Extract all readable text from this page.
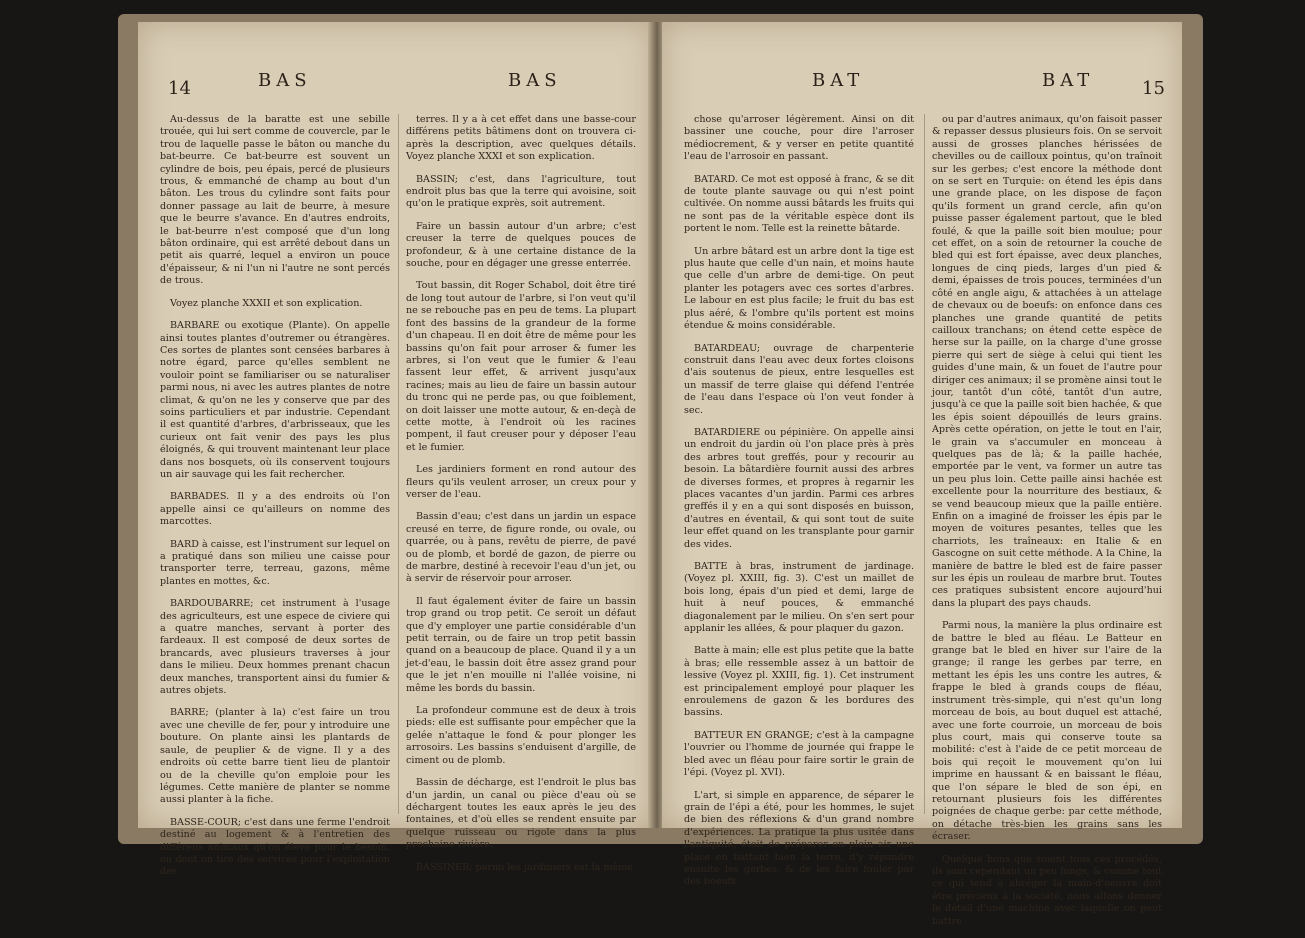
14	BAS	BAS

Au-dessus de la baratte est une sebille trouée, qui lui sert comme de couvercle, par le trou de laquelle passe le bâton ou manche du bat-beurre. Ce bat-beurre est souvent un cylindre de bois, peu épais, percé de plusieurs trous, & emmanché de champ au bout d'un bâton. Les trous du cylindre sont faits pour donner passage au lait de beurre, à mesure que le beurre s'avance. En d'autres endroits, le bat-beurre n'est composé que d'un long bâton ordinaire, qui est arrêté debout dans un petit ais quarré, lequel a environ un pouce d'épaisseur, & ni l'un ni l'autre ne sont percés de trous.

Voyez planche XXXII et son explication.

BARBARE ou exotique (Plante). On appelle ainsi toutes plantes d'outremer ou étrangères. Ces sortes de plantes sont censées barbares à notre égard, parce qu'elles semblent ne vouloir point se familiariser ou se naturaliser parmi nous, ni avec les autres plantes de notre climat, & qu'on ne les y conserve que par des soins particuliers et par industrie. Cependant il est quantité d'arbres, d'arbrisseaux, que les curieux ont fait venir des pays les plus éloignés, & qui trouvent maintenant leur place dans nos bosquets, où ils conservent toujours un air sauvage qui les fait rechercher.

BARBADES. Il y a des endroits où l'on appelle ainsi ce qu'ailleurs on nomme des marcottes.

BARD à caisse, est l'instrument sur lequel on a pratiqué dans son milieu une caisse pour transporter terre, terreau, gazons, même plantes en mottes, &c.

BARDOUBARRE; cet instrument à l'usage des agriculteurs, est une espece de civiere qui a quatre manches, servant à porter des fardeaux. Il est composé de deux sortes de brancards, avec plusieurs traverses à jour dans le milieu. Deux hommes prenant chacun deux manches, transportent ainsi du fumier & autres objets.

BARRE; (planter à la) c'est faire un trou avec une cheville de fer, pour y introduire une bouture. On plante ainsi les plantards de saule, de peuplier & de vigne. Il y a des endroits où cette barre tient lieu de plantoir ou de la cheville qu'on emploie pour les légumes. Cette manière de planter se nomme aussi planter à la fiche.

BASSE-COUR; c'est dans une ferme l'endroit destiné au logement & à l'entretien des différens animaux qu'on éleve pour le besoin, ou dont on tire des services pour l'exploitation des

terres. Il y a à cet effet dans une basse-cour différens petits bâtimens dont on trouvera ci-après la description, avec quelques détails. Voyez planche XXXI et son explication.

BASSIN; c'est, dans l'agriculture, tout endroit plus bas que la terre qui avoisine, soit qu'on le pratique exprès, soit autrement.

Faire un bassin autour d'un arbre; c'est creuser la terre de quelques pouces de profondeur, & à une certaine distance de la souche, pour en dégager une gresse enterrée.

Tout bassin, dit Roger Schabol, doit être tiré de long tout autour de l'arbre, si l'on veut qu'il ne se rebouche pas en peu de tems. La plupart font des bassins de la grandeur de la forme d'un chapeau. Il en doit être de même pour les bassins qu'on fait pour arroser & fumer les arbres, si l'on veut que le fumier & l'eau fassent leur effet, & arrivent jusqu'aux racines; mais au lieu de faire un bassin autour du tronc qui ne perde pas, ou que foiblement, on doit laisser une motte autour, & en-deçà de cette motte, à l'endroit où les racines pompent, il faut creuser pour y déposer l'eau et le fumier.

Les jardiniers forment en rond autour des fleurs qu'ils veulent arroser, un creux pour y verser de l'eau.

Bassin d'eau; c'est dans un jardin un espace creusé en terre, de figure ronde, ou ovale, ou quarrée, ou à pans, revêtu de pierre, de pavé ou de plomb, et bordé de gazon, de pierre ou de marbre, destiné à recevoir l'eau d'un jet, ou à servir de réservoir pour arroser.

Il faut également éviter de faire un bassin trop grand ou trop petit. Ce seroit un défaut que d'y employer une partie considérable d'un petit terrain, ou de faire un trop petit bassin quand on a beaucoup de place. Quand il y a un jet-d'eau, le bassin doit être assez grand pour que le jet n'en mouille ni l'allée voisine, ni même les bords du bassin.

La profondeur commune est de deux à trois pieds: elle est suffisante pour empêcher que la gelée n'attaque le fond & pour plonger les arrosoirs. Les bassins s'enduisent d'argille, de ciment ou de plomb.

Bassin de décharge, est l'endroit le plus bas d'un jardin, un canal ou pièce d'eau où se déchargent toutes les eaux après le jeu des fontaines, et d'où elles se rendent ensuite par quelque ruisseau ou rigole dans la plus prochaine rivière.

BASSINER; parmi les jardiniers est la même

BAT	BAT	15

chose qu'arroser légèrement. Ainsi on dit bassiner une couche, pour dire l'arroser médiocrement, & y verser en petite quantité l'eau de l'arrosoir en passant.

BATARD. Ce mot est opposé à franc, & se dit de toute plante sauvage ou qui n'est point cultivée. On nomme aussi bâtards les fruits qui ne sont pas de la véritable espèce dont ils portent le nom. Telle est la reinette bâtarde.

Un arbre bâtard est un arbre dont la tige est plus haute que celle d'un nain, et moins haute que celle d'un arbre de demi-tige. On peut planter les potagers avec ces sortes d'arbres. Le labour en est plus facile; le fruit du bas est plus aéré, & l'ombre qu'ils portent est moins étendue & moins considérable.

BATARDEAU; ouvrage de charpenterie construit dans l'eau avec deux fortes cloisons d'ais soutenus de pieux, entre lesquelles est un massif de terre glaise qui défend l'entrée de l'eau dans l'espace où l'on veut fonder à sec.

BATARDIERE ou pépinière. On appelle ainsi un endroit du jardin où l'on place près à près des arbres tout greffés, pour y recourir au besoin. La bâtardière fournit aussi des arbres de diverses formes, et propres à regarnir les places vacantes d'un jardin. Parmi ces arbres greffés il y en a qui sont disposés en buisson, d'autres en éventail, & qui sont tout de suite leur effet quand on les transplante pour garnir des vides.

BATTE à bras, instrument de jardinage. (Voyez pl. XXIII, fig. 3). C'est un maillet de bois long, épais d'un pied et demi, large de huit à neuf pouces, & emmanché diagonalement par le milieu. On s'en sert pour applanir les allées, & pour plaquer du gazon.

Batte à main; elle est plus petite que la batte à bras; elle ressemble assez à un battoir de lessive (Voyez pl. XXIII, fig. 1). Cet instrument est principalement employé pour plaquer les enroulemens de gazon & les bordures des bassins.

BATTEUR EN GRANGE; c'est à la campagne l'ouvrier ou l'homme de journée qui frappe le bled avec un fléau pour faire sortir le grain de l'épi. (Voyez pl. XVI).

L'art, si simple en apparence, de séparer le grain de l'épi a été, pour les hommes, le sujet de bien des réflexions & d'un grand nombre d'expériences. La pratique la plus usitée dans l'antiquité, étoit de préparer en plein air une place en battant bien la terre, d'y répandre ensuite les gerbes, & de les faire fouler par des boeufs

ou par d'autres animaux, qu'on faisoit passer & repasser dessus plusieurs fois. On se servoit aussi de grosses planches hérissées de chevilles ou de cailloux pointus, qu'on traînoit sur les gerbes; c'est encore la méthode dont on se sert en Turquie: on étend les épis dans une grande place, on les dispose de façon qu'ils forment un grand cercle, afin qu'on puisse passer également partout, que le bled foulé, & que la paille soit bien moulue; pour cet effet, on a soin de retourner la couche de bled qui est fort épaisse, avec deux planches, longues de cinq pieds, larges d'un pied & demi, épaisses de trois pouces, terminées d'un côté en angle aigu, & attachées à un attelage de chevaux ou de boeufs: on enfonce dans ces planches une grande quantité de petits cailloux tranchans; on étend cette espèce de herse sur la paille, on la charge d'une grosse pierre qui sert de siège à celui qui tient les guides d'une main, & un fouet de l'autre pour diriger ces animaux; il se promène ainsi tout le jour, tantôt d'un côté, tantôt d'un autre, jusqu'à ce que la paille soit bien hachée, & que les épis soient dépouillés de leurs grains. Après cette opération, on jette le tout en l'air, le grain va s'accumuler en monceau à quelques pas de là; & la paille hachée, emportée par le vent, va former un autre tas un peu plus loin. Cette paille ainsi hachée est excellente pour la nourriture des bestiaux, & se vend beaucoup mieux que la paille entière. Enfin on a imaginé de froisser les épis par le moyen de voitures pesantes, telles que les charriots, les traîneaux: en Italie & en Gascogne on suit cette méthode. A la Chine, la manière de battre le bled est de faire passer sur les épis un rouleau de marbre brut. Toutes ces pratiques subsistent encore aujourd'hui dans la plupart des pays chauds.

Parmi nous, la manière la plus ordinaire est de battre le bled au fléau. Le Batteur en grange bat le bled en hiver sur l'aire de la grange; il range les gerbes par terre, en mettant les épis les uns contre les autres, & frappe le bled à grands coups de fléau, instrument très-simple, qui n'est qu'un long morceau de bois, au bout duquel est attaché, avec une forte courroie, un morceau de bois plus court, mais qui conserve toute sa mobilité: c'est à l'aide de ce petit morceau de bois qui reçoit le mouvement qu'on lui imprime en haussant & en baissant le fléau, que l'on sépare le bled de son épi, en retournant plusieurs fois les différentes poignées de chaque gerbe: par cette méthode, on détache très-bien les grains sans les écraser.

Quelque bons que soient tous ces procédés, ils sont cependant un peu longs, & comme tout ce qui tend à abréger la main-d'oeuvre doit être précieux à la société, nous allons donner le détail d'une machine avec laquelle on peut battre
